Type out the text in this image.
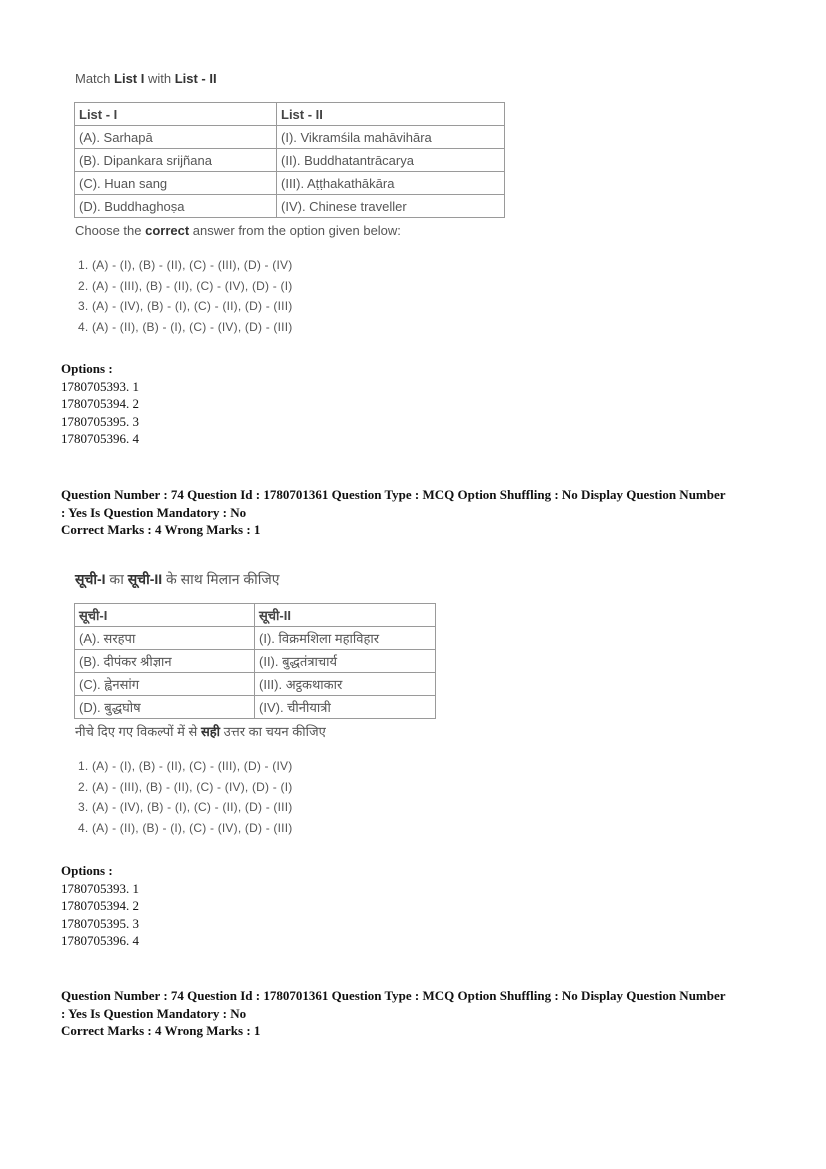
Match List I with List - II
List - I	List - II
(A). Sarhapā	(I). Vikramśila mahāvihāra
(B). Dipankara srijñana	(II). Buddhatantrācarya
(C). Huan sang	(III). Aṭṭhakathākāra
(D). Buddhaghoṣa	(IV). Chinese traveller
Choose the correct answer from the option given below:
1. (A) - (I), (B) - (II), (C) - (III), (D) - (IV)
2. (A) - (III), (B) - (II), (C) - (IV), (D) - (I)
3. (A) - (IV), (B) - (I), (C) - (II), (D) - (III)
4. (A) - (II), (B) - (I), (C) - (IV), (D) - (III)
Options :
1780705393. 1
1780705394. 2
1780705395. 3
1780705396. 4
Question Number : 74 Question Id : 1780701361 Question Type : MCQ Option Shuffling : No Display Question Number
: Yes Is Question Mandatory : No
Correct Marks : 4 Wrong Marks : 1
सूची-I का सूची-II के साथ मिलान कीजिए
सूची-I	सूची-II
(A). सरहपा	(I). विक्रमशिला महाविहार
(B). दीपंकर श्रीज्ञान	(II). बुद्धतंत्राचार्य
(C). ह्वेनसांग	(III). अट्ठकथाकार
(D). बुद्धघोष	(IV). चीनीयात्री
नीचे दिए गए विकल्पों में से सही उत्तर का चयन कीजिए
1. (A) - (I), (B) - (II), (C) - (III), (D) - (IV)
2. (A) - (III), (B) - (II), (C) - (IV), (D) - (I)
3. (A) - (IV), (B) - (I), (C) - (II), (D) - (III)
4. (A) - (II), (B) - (I), (C) - (IV), (D) - (III)
Options :
1780705393. 1
1780705394. 2
1780705395. 3
1780705396. 4
Question Number : 74 Question Id : 1780701361 Question Type : MCQ Option Shuffling : No Display Question Number
: Yes Is Question Mandatory : No
Correct Marks : 4 Wrong Marks : 1
